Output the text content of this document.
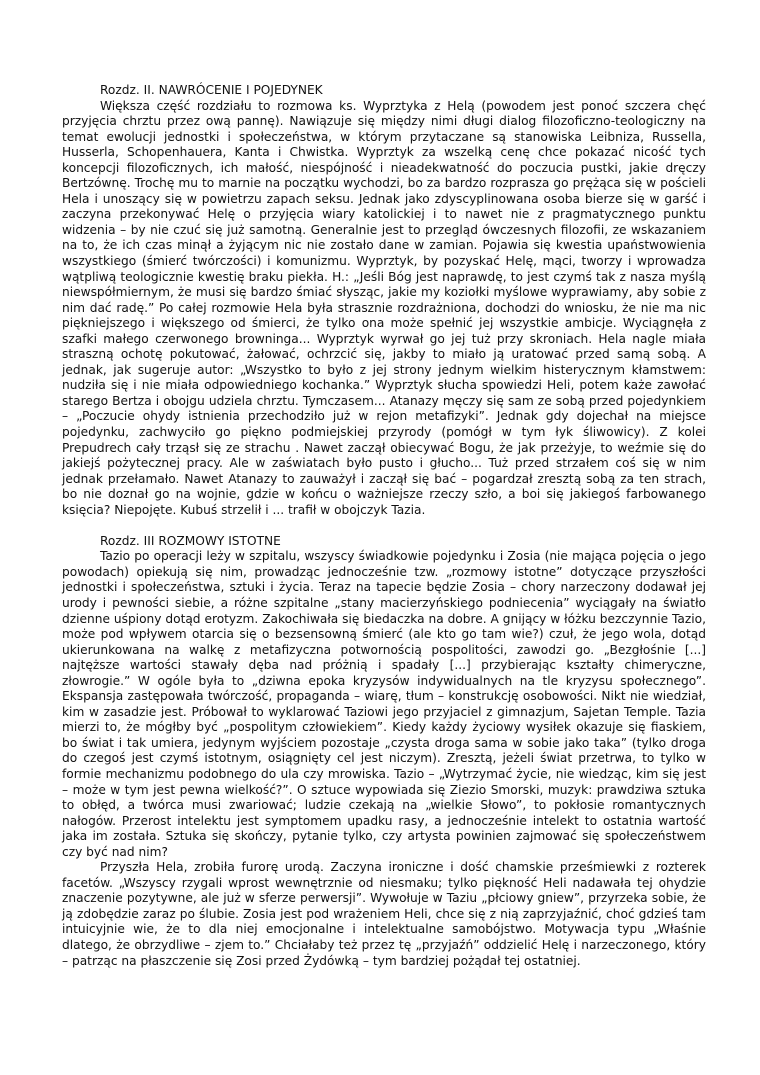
Rozdz. II. NAWRÓCENIE I POJEDYNEK

Większa część rozdziału to rozmowa ks. Wyprztyka z Helą (powodem jest ponoć szczera chęć przyjęcia chrztu przez ową pannę). Nawiązuje się między nimi długi dialog filozoficzno-teologiczny na temat ewolucji jednostki i społeczeństwa, w którym przytaczane są stanowiska Leibniza, Russella, Husserla, Schopenhauera, Kanta i Chwistka. Wyprztyk za wszelką cenę chce pokazać nicość tych koncepcji filozoficznych, ich małość, niespójność i nieadekwatność do poczucia pustki, jakie dręczy Bertzównę. Trochę mu to marnie na początku wychodzi, bo za bardzo rozprasza go prężąca się w pościeli Hela i unoszący się w powietrzu zapach seksu. Jednak jako zdyscyplinowana osoba bierze się w garść i zaczyna przekonywać Helę o przyjęcia wiary katolickiej i to nawet nie z pragmatycznego punktu widzenia – by nie czuć się już samotną. Generalnie jest to przegląd ówczesnych filozofii, ze wskazaniem na to, że ich czas minął a żyjącym nic nie zostało dane w zamian. Pojawia się kwestia upaństwowienia wszystkiego (śmierć twórczości) i komunizmu. Wyprztyk, by pozyskać Helę, mąci, tworzy i wprowadza wątpliwą teologicznie kwestię braku piekła. H.: „Jeśli Bóg jest naprawdę, to jest czymś tak z nasza myślą niewspółmiernym, że musi się bardzo śmiać słysząc, jakie my koziołki myślowe wyprawiamy, aby sobie z nim dać radę.” Po całej rozmowie Hela była strasznie rozdrażniona, dochodzi do wniosku, że nie ma nic piękniejszego i większego od śmierci, że tylko ona może spełnić jej wszystkie ambicje. Wyciągnęła z szafki małego czerwonego browninga... Wyprztyk wyrwał go jej tuż przy skroniach. Hela nagle miała straszną ochotę pokutować, żałować, ochrzcić się, jakby to miało ją uratować przed samą sobą. A jednak, jak sugeruje autor: „Wszystko to było z jej strony jednym wielkim histerycznym kłamstwem: nudziła się i nie miała odpowiedniego kochanka.” Wyprztyk słucha spowiedzi Heli, potem każe zawołać starego Bertza i obojgu udziela chrztu. Tymczasem... Atanazy męczy się sam ze sobą przed pojedynkiem – „Poczucie ohydy istnienia przechodziło już w rejon metafizyki”. Jednak gdy dojechał na miejsce pojedynku, zachwyciło go piękno podmiejskiej przyrody (pomógł w tym łyk śliwowicy). Z kolei Prepudrech cały trząsł się ze strachu . Nawet zaczął obiecywać Bogu, że jak przeżyje, to weźmie się do jakiejś pożytecznej pracy. Ale w zaświatach było pusto i głucho... Tuż przed strzałem coś się w nim jednak przełamało. Nawet Atanazy to zauważył i zaczął się bać – pogardzał zresztą sobą za ten strach, bo nie doznał go na wojnie, gdzie w końcu o ważniejsze rzeczy szło, a boi się jakiegoś farbowanego księcia? Niepojęte. Kubuś strzelił i ... trafił w obojczyk Tazia.

Rozdz. III ROZMOWY ISTOTNE

Tazio po operacji leży w szpitalu, wszyscy świadkowie pojedynku i Zosia (nie mająca pojęcia o jego powodach) opiekują się nim, prowadząc jednocześnie tzw. „rozmowy istotne” dotyczące przyszłości jednostki i społeczeństwa, sztuki i życia. Teraz na tapecie będzie Zosia – chory narzeczony dodawał jej urody i pewności siebie, a różne szpitalne „stany macierzyńskiego podniecenia” wyciągały na światło dzienne uśpiony dotąd erotyzm. Zakochiwała się biedaczka na dobre. A gnijący w łóżku bezczynnie Tazio, może pod wpływem otarcia się o bezsensowną śmierć (ale kto go tam wie?) czuł, że jego wola, dotąd ukierunkowana na walkę z metafizyczna potwornością pospolitości, zawodzi go. „Bezgłośnie [...] najtęższe wartości stawały dęba nad próżnią i spadały [...] przybierając kształty chimeryczne, złowrogie.” W ogóle była to „dziwna epoka kryzysów indywidualnych na tle kryzysu społecznego”. Ekspansja zastępowała twórczość, propaganda – wiarę, tłum – konstrukcję osobowości. Nikt nie wiedział, kim w zasadzie jest. Próbował to wyklarować Taziowi jego przyjaciel z gimnazjum, Sajetan Temple. Tazia mierzi to, że mógłby być „pospolitym człowiekiem”. Kiedy każdy życiowy wysiłek okazuje się fiaskiem, bo świat i tak umiera, jedynym wyjściem pozostaje „czysta droga sama w sobie jako taka” (tylko droga do czegoś jest czymś istotnym, osiągnięty cel jest niczym). Zresztą, jeżeli świat przetrwa, to tylko w formie mechanizmu podobnego do ula czy mrowiska. Tazio – „Wytrzymać życie, nie wiedząc, kim się jest – może w tym jest pewna wielkość?”. O sztuce wypowiada się Ziezio Smorski, muzyk: prawdziwa sztuka to obłęd, a twórca musi zwariować; ludzie czekają na „wielkie Słowo”, to pokłosie romantycznych nałogów. Przerost intelektu jest symptomem upadku rasy, a jednocześnie intelekt to ostatnia wartość jaka im została. Sztuka się skończy, pytanie tylko, czy artysta powinien zajmować się społeczeństwem czy być nad nim?

Przyszła Hela, zrobiła furorę urodą. Zaczyna ironiczne i dość chamskie prześmiewki z rozterek facetów. „Wszyscy rzygali wprost wewnętrznie od niesmaku; tylko piękność Heli nadawała tej ohydzie znaczenie pozytywne, ale już w sferze perwersji”. Wywołuje w Taziu „płciowy gniew”, przyrzeka sobie, że ją zdobędzie zaraz po ślubie. Zosia jest pod wrażeniem Heli, chce się z nią zaprzyjaźnić, choć gdzieś tam intuicyjnie wie, że to dla niej emocjonalne i intelektualne samobójstwo. Motywacja typu „Właśnie dlatego, że obrzydliwe – zjem to.” Chciałaby też przez tę „przyjaźń” oddzielić Helę i narzeczonego, który – patrząc na płaszczenie się Zosi przed Żydówką – tym bardziej pożądał tej ostatniej.
